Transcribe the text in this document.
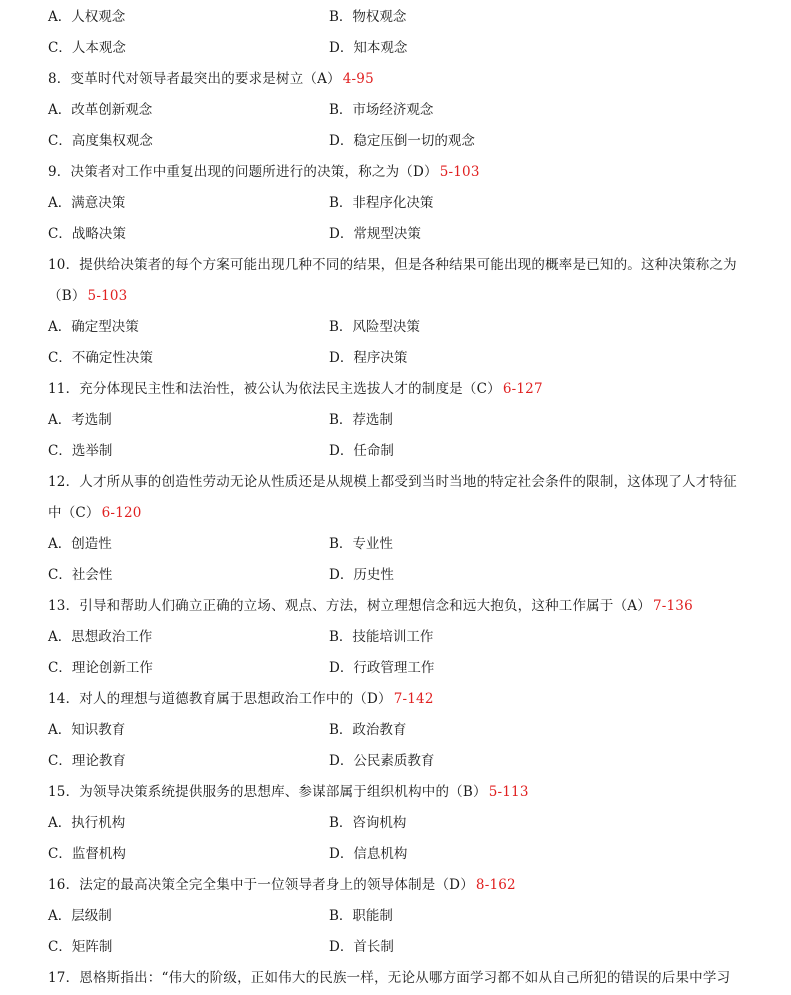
A．人权观念	B．物权观念
C．人本观念	D．知本观念
8．变革时代对领导者最突出的要求是树立（A） 4-95
A．改革创新观念	B．市场经济观念
C．高度集权观念	D．稳定压倒一切的观念
9．决策者对工作中重复出现的问题所进行的决策，称之为（D） 5-103
A．满意决策	B．非程序化决策
C．战略决策	D．常规型决策
10．提供给决策者的每个方案可能出现几种不同的结果，但是各种结果可能出现的概率是已知的。这种决策称之为
（B） 5-103
A．确定型决策	B．风险型决策
C．不确定性决策	D．程序决策
11．充分体现民主性和法治性，被公认为依法民主选拔人才的制度是（C） 6-127
A．考选制	B．荐选制
C．选举制	D．任命制
12．人才所从事的创造性劳动无论从性质还是从规模上都受到当时当地的特定社会条件的限制，这体现了人才特征
中（C） 6-120
A．创造性	B．专业性
C．社会性	D．历史性
13．引导和帮助人们确立正确的立场、观点、方法，树立理想信念和远大抱负，这种工作属于（A） 7-136
A．思想政治工作	B．技能培训工作
C．理论创新工作	D．行政管理工作
14．对人的理想与道德教育属于思想政治工作中的（D） 7-142
A．知识教育	B．政治教育
C．理论教育	D．公民素质教育
15．为领导决策系统提供服务的思想库、参谋部属于组织机构中的（B） 5-113
A．执行机构	B．咨询机构
C．监督机构	D．信息机构
16．法定的最高决策全完全集中于一位领导者身上的领导体制是（D） 8-162
A．层级制	B．职能制
C．矩阵制	D．首长制
17．恩格斯指出：“伟大的阶级，正如伟大的民族一样，无论从哪方面学习都不如从自己所犯的错误的后果中学习
